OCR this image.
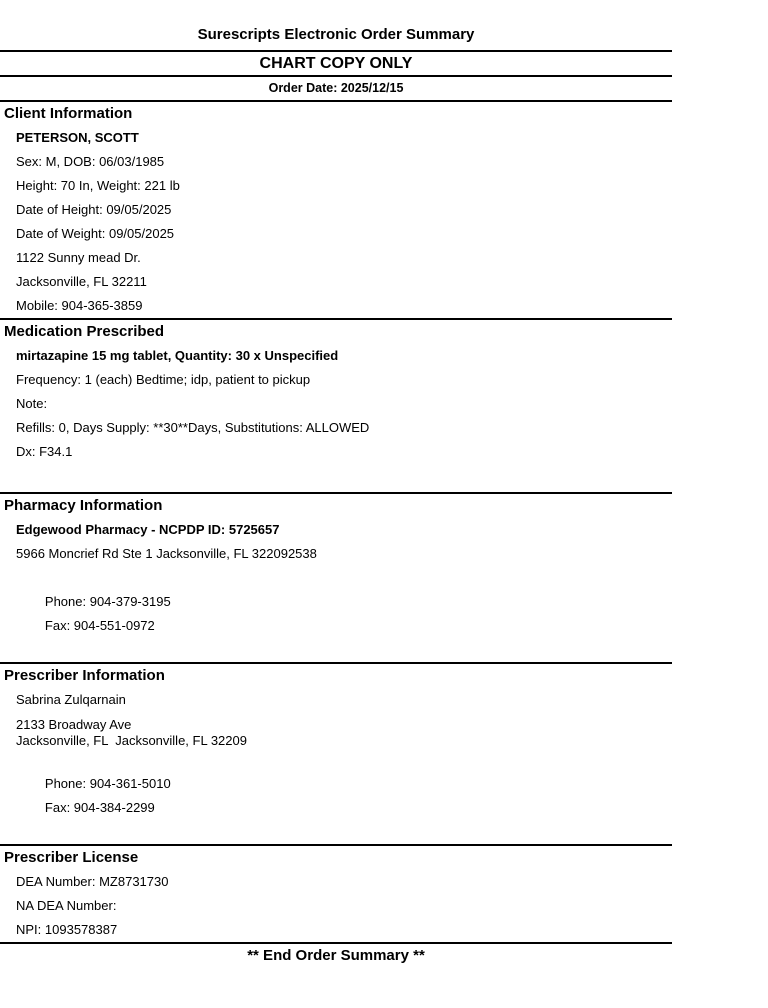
Surescripts Electronic Order Summary
CHART COPY ONLY
Order Date: 2025/12/15
Client Information
PETERSON, SCOTT
Sex: M, DOB: 06/03/1985
Height: 70 In, Weight: 221 lb
Date of Height: 09/05/2025
Date of Weight: 09/05/2025
1122 Sunny mead Dr.
Jacksonville, FL 32211
Mobile: 904-365-3859
Medication Prescribed
mirtazapine 15 mg tablet, Quantity: 30 x Unspecified
Frequency: 1 (each) Bedtime; idp, patient to pickup
Note:
Refills: 0, Days Supply: **30**Days, Substitutions: ALLOWED
Dx: F34.1
Pharmacy Information
Edgewood Pharmacy - NCPDP ID: 5725657
5966 Moncrief Rd Ste 1 Jacksonville, FL 322092538

Phone: 904-379-3195
Fax: 904-551-0972

Prescriber Information
Sabrina Zulqarnain
2133 Broadway Ave
Jacksonville, FL  Jacksonville, FL 32209

Phone: 904-361-5010
Fax: 904-384-2299

Prescriber License
DEA Number: MZ8731730
NA DEA Number:
NPI: 1093578387
** End Order Summary **
